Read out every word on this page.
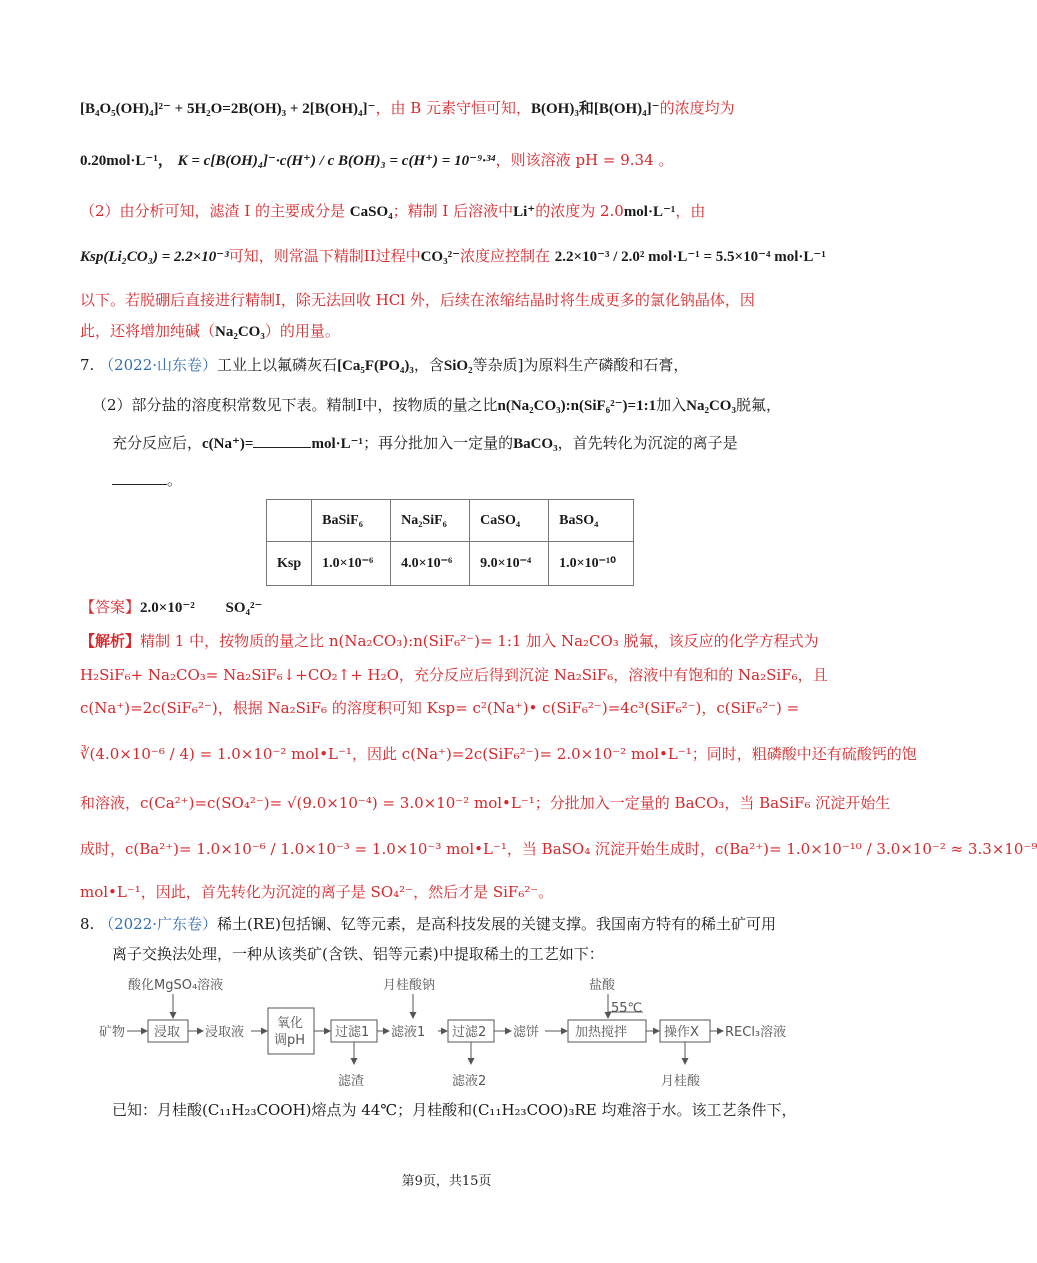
[B₄O₅(OH)₄]²⁻ + 5H₂O=2B(OH)₃ + 2[B(OH)₄]⁻，由 B 元素守恒可知，B(OH)₃和[B(OH)₄]⁻的浓度均为
0.20mol·L⁻¹， K = c[B(OH)₄]⁻·c(H⁺) / c B(OH)₃ = c(H⁺) = 10⁻⁹·³⁴，则该溶液 pH = 9.34 。
（2）由分析可知，滤渣 I 的主要成分是 CaSO₄；精制 I 后溶液中Li⁺的浓度为 2.0mol·L⁻¹，由
Ksp(Li₂CO₃) = 2.2×10⁻³可知，则常温下精制II过程中CO₃²⁻浓度应控制在 2.2×10⁻³ / 2.0² mol·L⁻¹ = 5.5×10⁻⁴ mol·L⁻¹
以下。若脱硼后直接进行精制I，除无法回收 HCl 外，后续在浓缩结晶时将生成更多的氯化钠晶体，因
此，还将增加纯碱（Na₂CO₃）的用量。
7. （2022·山东卷）工业上以氟磷灰石[Ca₅F(PO₄)₃，含SiO₂等杂质]为原料生产磷酸和石膏，
（2）部分盐的溶度积常数见下表。精制I中，按物质的量之比n(Na₂CO₃):n(SiF₆²⁻)=1:1加入Na₂CO₃脱氟，
充分反应后，c(Na⁺)=	mol·L⁻¹；再分批加入一定量的BaCO₃，首先转化为沉淀的离子是
。
	BaSiF₆	Na₂SiF₆	CaSO₄	BaSO₄
Ksp	1.0×10⁻⁶	4.0×10⁻⁶	9.0×10⁻⁴	1.0×10⁻¹⁰
【答案】2.0×10⁻² SO₄²⁻
【解析】精制 1 中，按物质的量之比 n(Na₂CO₃):n(SiF₆²⁻)= 1:1 加入 Na₂CO₃ 脱氟，该反应的化学方程式为
H₂SiF₆+ Na₂CO₃= Na₂SiF₆↓+CO₂↑+ H₂O，充分反应后得到沉淀 Na₂SiF₆，溶液中有饱和的 Na₂SiF₆，且
c(Na⁺)=2c(SiF₆²⁻)，根据 Na₂SiF₆ 的溶度积可知 Ksp= c²(Na⁺)• c(SiF₆²⁻)=4c³(SiF₆²⁻)，c(SiF₆²⁻) =
∛(4.0×10⁻⁶ / 4) = 1.0×10⁻² mol•L⁻¹，因此 c(Na⁺)=2c(SiF₆²⁻)= 2.0×10⁻² mol•L⁻¹；同时，粗磷酸中还有硫酸钙的饱
和溶液，c(Ca²⁺)=c(SO₄²⁻)= √(9.0×10⁻⁴) = 3.0×10⁻² mol•L⁻¹；分批加入一定量的 BaCO₃，当 BaSiF₆ 沉淀开始生
成时，c(Ba²⁺)= 1.0×10⁻⁶ / 1.0×10⁻³ = 1.0×10⁻³ mol•L⁻¹，当 BaSO₄ 沉淀开始生成时，c(Ba²⁺)= 1.0×10⁻¹⁰ / 3.0×10⁻² ≈ 3.3×10⁻⁹
mol•L⁻¹，因此，首先转化为沉淀的离子是 SO₄²⁻，然后才是 SiF₆²⁻。
8. （2022·广东卷）稀土(RE)包括镧、钇等元素，是高科技发展的关键支撑。我国南方特有的稀土矿可用
离子交换法处理，一种从该类矿(含铁、铝等元素)中提取稀土的工艺如下：
酸化MgSO₄溶液	月桂酸钠	盐酸
55℃
矿物 浸取 浸取液
氧化
调pH
过滤1 滤液1 过滤2 滤饼	加热搅拌	操作X RECl₃溶液
滤渣	滤液2	月桂酸
已知：月桂酸(C₁₁H₂₃COOH)熔点为 44℃；月桂酸和(C₁₁H₂₃COO)₃RE 均难溶于水。该工艺条件下，
第9页，共15页
